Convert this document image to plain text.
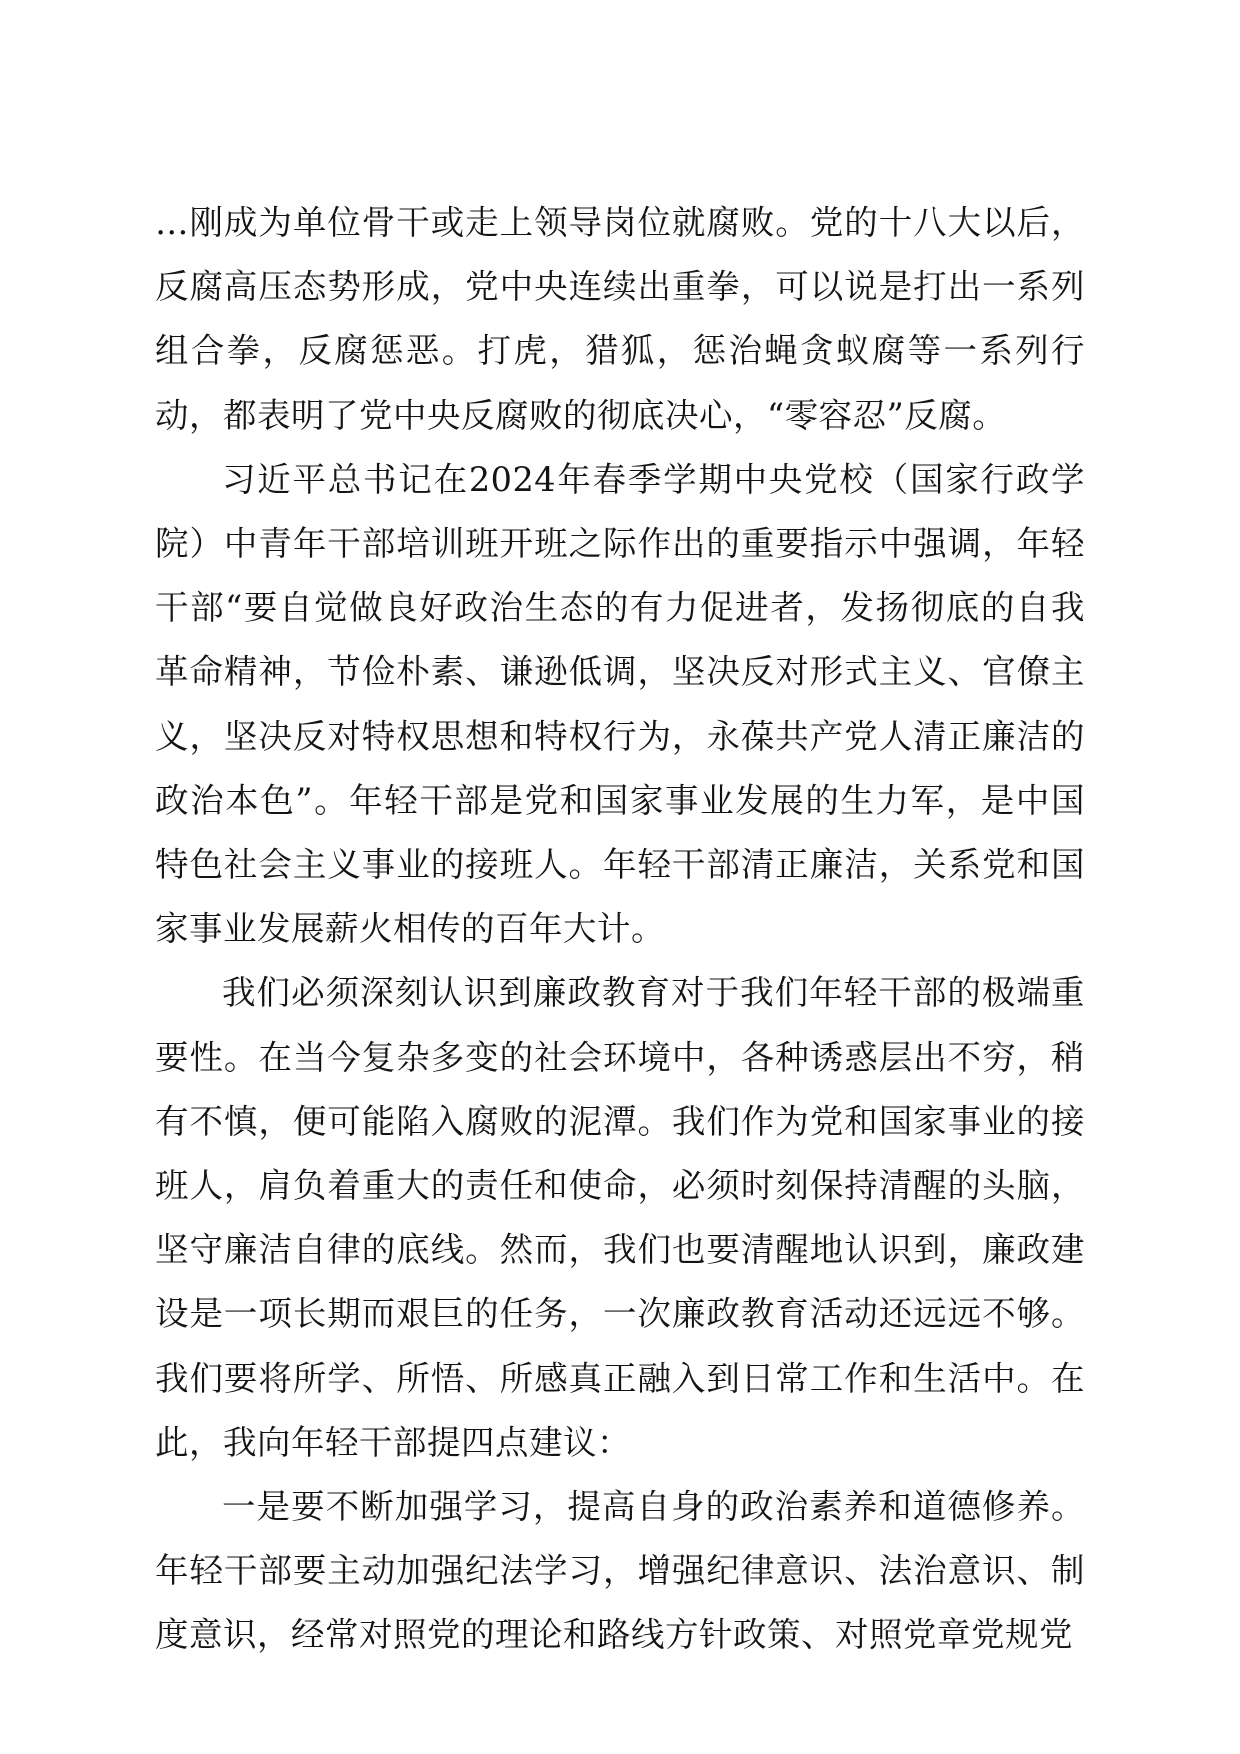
…刚成为单位骨干或走上领导岗位就腐败。党的十八大以后，反腐高压态势形成，党中央连续出重拳，可以说是打出一系列组合拳，反腐惩恶。打虎，猎狐，惩治蝇贪蚁腐等一系列行动，都表明了党中央反腐败的彻底决心，“零容忍”反腐。

习近平总书记在2024年春季学期中央党校（国家行政学院）中青年干部培训班开班之际作出的重要指示中强调，年轻干部“要自觉做良好政治生态的有力促进者，发扬彻底的自我革命精神，节俭朴素、谦逊低调，坚决反对形式主义、官僚主义，坚决反对特权思想和特权行为，永葆共产党人清正廉洁的政治本色”。年轻干部是党和国家事业发展的生力军，是中国特色社会主义事业的接班人。年轻干部清正廉洁，关系党和国家事业发展薪火相传的百年大计。

我们必须深刻认识到廉政教育对于我们年轻干部的极端重要性。在当今复杂多变的社会环境中，各种诱惑层出不穷，稍有不慎，便可能陷入腐败的泥潭。我们作为党和国家事业的接班人，肩负着重大的责任和使命，必须时刻保持清醒的头脑，坚守廉洁自律的底线。然而，我们也要清醒地认识到，廉政建设是一项长期而艰巨的任务，一次廉政教育活动还远远不够。我们要将所学、所悟、所感真正融入到日常工作和生活中。在此，我向年轻干部提四点建议：

一是要不断加强学习，提高自身的政治素养和道德修养。年轻干部要主动加强纪法学习，增强纪律意识、法治意识、制度意识，经常对照党的理论和路线方针政策、对照党章党规党
